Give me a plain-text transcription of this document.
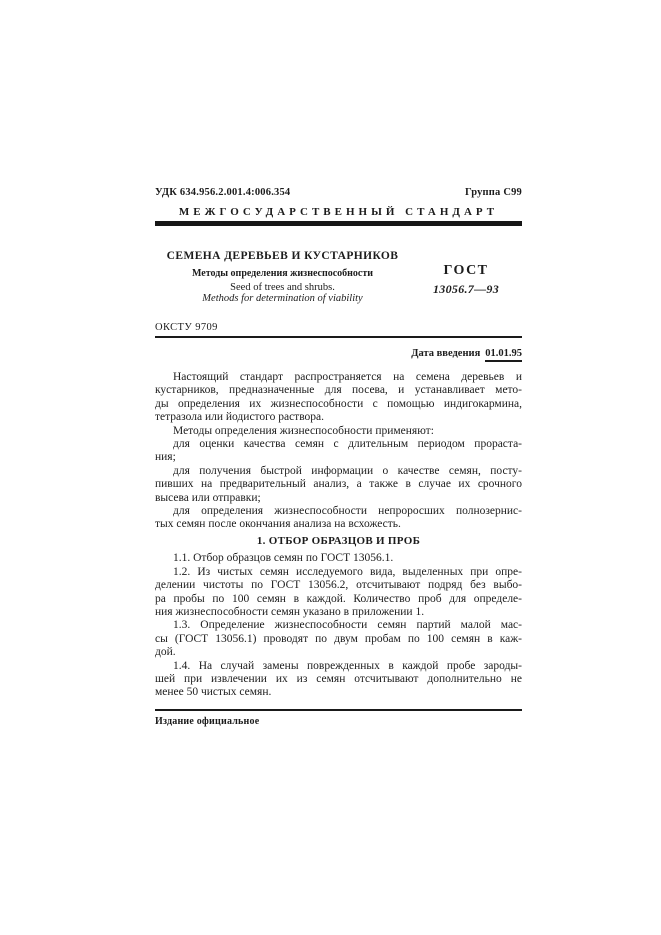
УДК 634.956.2.001.4:006.354	Группа С99
МЕЖГОСУДАРСТВЕННЫЙ СТАНДАРТ
СЕМЕНА ДЕРЕВЬЕВ И КУСТАРНИКОВ
Методы определения жизнеспособности
Seed of trees and shrubs.
Methods for determination of viability
ГОСТ
13056.7—93
ОКСТУ 9709
Дата введения 01.01.95

Настоящий стандарт распространяется на семена деревьев и
кустарников, предназначенные для посева, и устанавливает мето-
ды определения их жизнеспособности с помощью индигокармина,
тетразола или йодистого раствора.

Методы определения жизнеспособности применяют:

для оценки качества семян с длительным периодом прораста-
ния;

для получения быстрой информации о качестве семян, посту-
пивших на предварительный анализ, а также в случае их срочного
высева или отправки;

для определения жизнеспособности непроросших полнозернис-
тых семян после окончания анализа на всхожесть.

1. ОТБОР ОБРАЗЦОВ И ПРОБ

1.1. Отбор образцов семян по ГОСТ 13056.1.

1.2. Из чистых семян исследуемого вида, выделенных при опре-
делении чистоты по ГОСТ 13056.2, отсчитывают подряд без выбо-
ра пробы по 100 семян в каждой. Количество проб для определе-
ния жизнеспособности семян указано в приложении 1.

1.3. Определение жизнеспособности семян партий малой мас-
сы (ГОСТ 13056.1) проводят по двум пробам по 100 семян в каж-
дой.

1.4. На случай замены поврежденных в каждой пробе зароды-
шей при извлечении их из семян отсчитывают дополнительно не
менее 50 чистых семян.

Издание официальное
